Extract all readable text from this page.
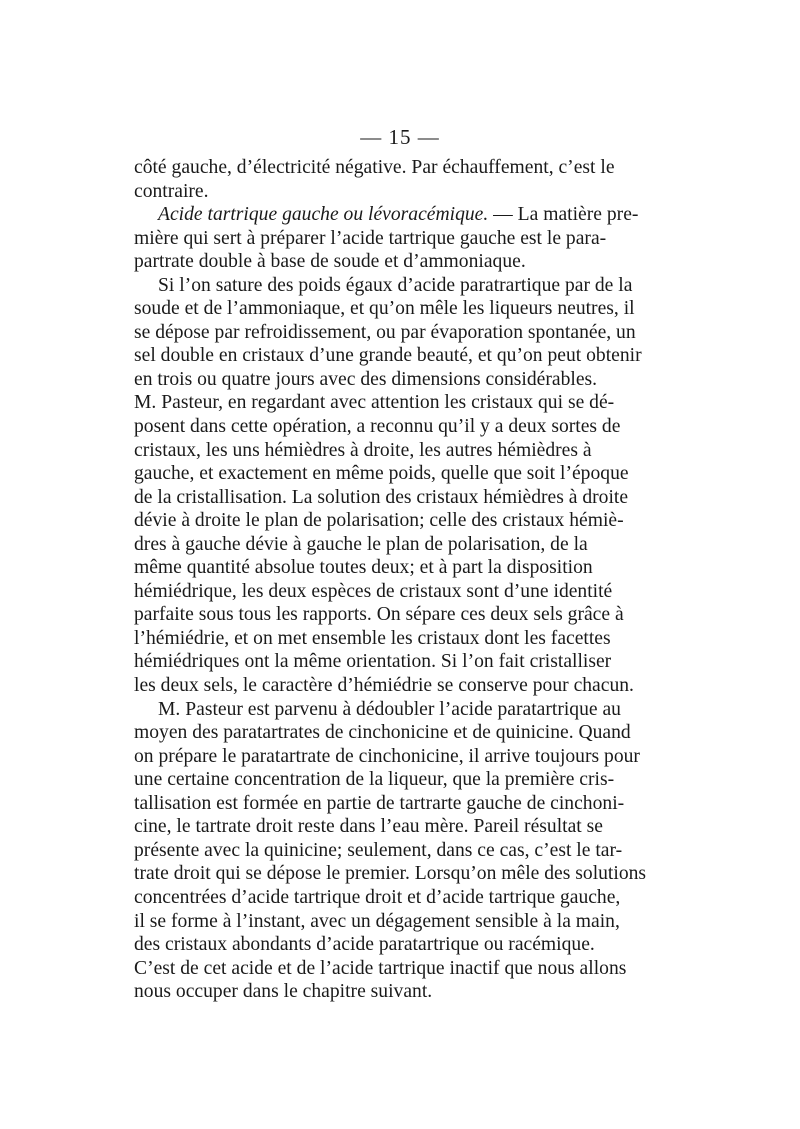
— 15 —

côté gauche, d’électricité négative. Par échauffement, c’est le
contraire.

Acide tartrique gauche ou lévoracémique. — La matière pre-
mière qui sert à préparer l’acide tartrique gauche est le para-
partrate double à base de soude et d’ammoniaque.

Si l’on sature des poids égaux d’acide paratrartique par de la
soude et de l’ammoniaque, et qu’on mêle les liqueurs neutres, il
se dépose par refroidissement, ou par évaporation spontanée, un
sel double en cristaux d’une grande beauté, et qu’on peut obtenir
en trois ou quatre jours avec des dimensions considérables.
M. Pasteur, en regardant avec attention les cristaux qui se dé-
posent dans cette opération, a reconnu qu’il y a deux sortes de
cristaux, les uns hémièdres à droite, les autres hémièdres à
gauche, et exactement en même poids, quelle que soit l’époque
de la cristallisation. La solution des cristaux hémièdres à droite
dévie à droite le plan de polarisation; celle des cristaux hémiè-
dres à gauche dévie à gauche le plan de polarisation, de la
même quantité absolue toutes deux; et à part la disposition
hémiédrique, les deux espèces de cristaux sont d’une identité
parfaite sous tous les rapports. On sépare ces deux sels grâce à
l’hémiédrie, et on met ensemble les cristaux dont les facettes
hémiédriques ont la même orientation. Si l’on fait cristalliser
les deux sels, le caractère d’hémiédrie se conserve pour chacun.

M. Pasteur est parvenu à dédoubler l’acide paratartrique au
moyen des paratartrates de cinchonicine et de quinicine. Quand
on prépare le paratartrate de cinchonicine, il arrive toujours pour
une certaine concentration de la liqueur, que la première cris-
tallisation est formée en partie de tartrarte gauche de cinchoni-
cine, le tartrate droit reste dans l’eau mère. Pareil résultat se
présente avec la quinicine; seulement, dans ce cas, c’est le tar-
trate droit qui se dépose le premier. Lorsqu’on mêle des solutions
concentrées d’acide tartrique droit et d’acide tartrique gauche,
il se forme à l’instant, avec un dégagement sensible à la main,
des cristaux abondants d’acide paratartrique ou racémique.
C’est de cet acide et de l’acide tartrique inactif que nous allons
nous occuper dans le chapitre suivant.
